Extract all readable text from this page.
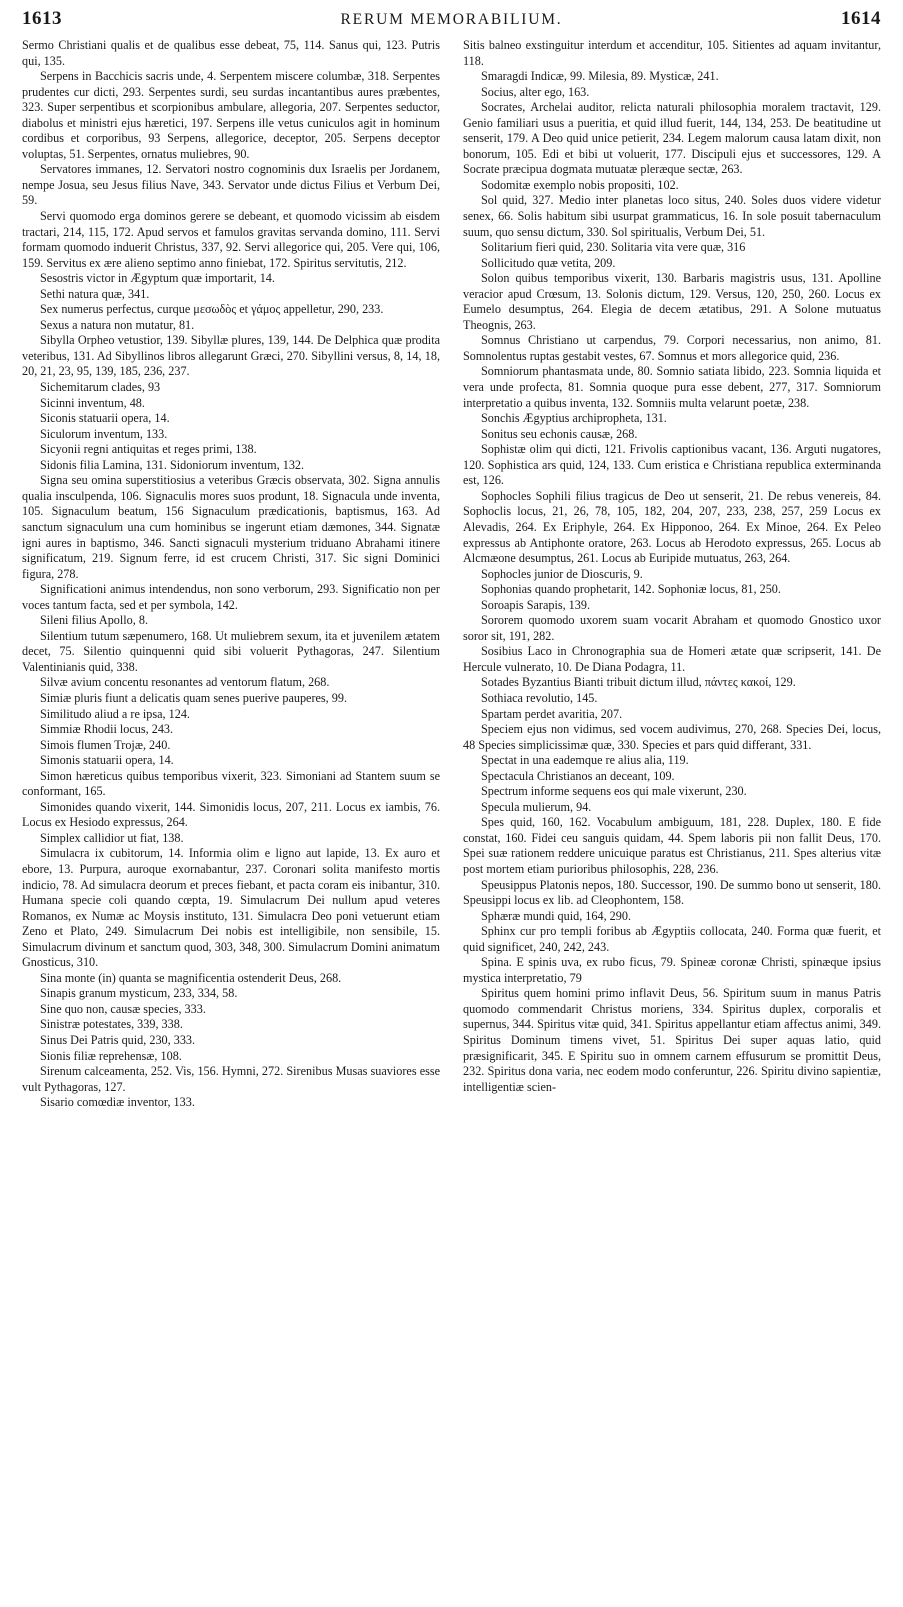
1613	RERUM MEMORABILIUM.	1614

Sermo Christiani qualis et de qualibus esse debeat, 75, 114. Sanus qui, 123. Putris qui, 135.

Serpens in Bacchicis sacris unde, 4. Serpentem miscere columbæ, 318. Serpentes prudentes cur dicti, 293. Serpentes surdi, seu surdas incantantibus aures præbentes, 323. Super serpentibus et scorpionibus ambulare, allegoria, 207. Serpentes seductor, diabolus et ministri ejus hæretici, 197. Serpens ille vetus cuniculos agit in hominum cordibus et corporibus, 93 Serpens, allegorice, deceptor, 205. Serpens deceptor voluptas, 51. Serpentes, ornatus muliebres, 90.

Servatores immanes, 12. Servatori nostro cognominis dux Israelis per Jordanem, nempe Josua, seu Jesus filius Nave, 343. Servator unde dictus Filius et Verbum Dei, 59.

Servi quomodo erga dominos gerere se debeant, et quomodo vicissim ab eisdem tractari, 214, 115, 172. Apud servos et famulos gravitas servanda domino, 111. Servi formam quomodo induerit Christus, 337, 92. Servi allegorice qui, 205. Vere qui, 106, 159. Servitus ex ære alieno septimo anno finiebat, 172. Spiritus servitutis, 212.

Sesostris victor in Ægyptum quæ importarit, 14.

Sethi natura quæ, 341.

Sex numerus perfectus, curque μεσωδὸς et γάμος appelletur, 290, 233.

Sexus a natura non mutatur, 81.

Sibylla Orpheo vetustior, 139. Sibyllæ plures, 139, 144. De Delphica quæ prodita veteribus, 131. Ad Sibyllinos libros allegarunt Græci, 270. Sibyllini versus, 8, 14, 18, 20, 21, 23, 95, 139, 185, 236, 237.

Sichemitarum clades, 93

Sicinni inventum, 48.

Siconis statuarii opera, 14.

Siculorum inventum, 133.

Sicyonii regni antiquitas et reges primi, 138.

Sidonis filia Lamina, 131. Sidoniorum inventum, 132.

Signa seu omina superstitiosius a veteribus Græcis observata, 302. Signa annulis qualia insculpenda, 106. Signaculis mores suos produnt, 18. Signacula unde inventa, 105. Signaculum beatum, 156 Signaculum prædicationis, baptismus, 163. Ad sanctum signaculum una cum hominibus se ingerunt etiam dæmones, 344. Signatæ igni aures in baptismo, 346. Sancti signaculi mysterium triduano Abrahami itinere significatum, 219. Signum ferre, id est crucem Christi, 317. Sic signi Dominici figura, 278.

Significationi animus intendendus, non sono verborum, 293. Significatio non per voces tantum facta, sed et per symbola, 142.

Sileni filius Apollo, 8.

Silentium tutum sæpenumero, 168. Ut muliebrem sexum, ita et juvenilem ætatem decet, 75. Silentio quinquenni quid sibi voluerit Pythagoras, 247. Silentium Valentinianis quid, 338.

Silvæ avium concentu resonantes ad ventorum flatum, 268.

Simiæ pluris fiunt a delicatis quam senes puerive pauperes, 99.

Similitudo aliud a re ipsa, 124.

Simmiæ Rhodii locus, 243.

Simois flumen Trojæ, 240.

Simonis statuarii opera, 14.

Simon hæreticus quibus temporibus vixerit, 323. Simoniani ad Stantem suum se conformant, 165.

Simonides quando vixerit, 144. Simonidis locus, 207, 211. Locus ex iambis, 76. Locus ex Hesiodo expressus, 264.

Simplex callidior ut fiat, 138.

Simulacra ix cubitorum, 14. Informia olim e ligno aut lapide, 13. Ex auro et ebore, 13. Purpura, auroque exornabantur, 237. Coronari solita manifesto mortis indicio, 78. Ad simulacra deorum et preces fiebant, et pacta coram eis inibantur, 310. Humana specie coli quando cœpta, 19. Simulacrum Dei nullum apud veteres Romanos, ex Numæ ac Moysis instituto, 131. Simulacra Deo poni vetuerunt etiam Zeno et Plato, 249. Simulacrum Dei nobis est intelligibile, non sensibile, 15. Simulacrum divinum et sanctum quod, 303, 348, 300. Simulacrum Domini animatum Gnosticus, 310.

Sina monte (in) quanta se magnificentia ostenderit Deus, 268.

Sinapis granum mysticum, 233, 334, 58.

Sine quo non, causæ species, 333.

Sinistræ potestates, 339, 338.

Sinus Dei Patris quid, 230, 333.

Sionis filiæ reprehensæ, 108.

Sirenum calceamenta, 252. Vis, 156. Hymni, 272. Sirenibus Musas suaviores esse vult Pythagoras, 127.

Sisario comœdiæ inventor, 133.

Sitis balneo exstinguitur interdum et accenditur, 105. Sitientes ad aquam invitantur, 118.

Smaragdi Indicæ, 99. Milesia, 89. Mysticæ, 241.

Socius, alter ego, 163.

Socrates, Archelai auditor, relicta naturali philosophia moralem tractavit, 129. Genio familiari usus a pueritia, et quid illud fuerit, 144, 134, 253. De beatitudine ut senserit, 179. A Deo quid unice petierit, 234. Legem malorum causa latam dixit, non bonorum, 105. Edi et bibi ut voluerit, 177. Discipuli ejus et successores, 129. A Socrate præcipua dogmata mutuatæ pleræque sectæ, 263.

Sodomitæ exemplo nobis propositi, 102.

Sol quid, 327. Medio inter planetas loco situs, 240. Soles duos videre videtur senex, 66. Solis habitum sibi usurpat grammaticus, 16. In sole posuit tabernaculum suum, quo sensu dictum, 330. Sol spiritualis, Verbum Dei, 51.

Solitarium fieri quid, 230. Solitaria vita vere quæ, 316

Sollicitudo quæ vetita, 209.

Solon quibus temporibus vixerit, 130. Barbaris magistris usus, 131. Apolline veracior apud Crœsum, 13. Solonis dictum, 129. Versus, 120, 250, 260. Locus ex Eumelo desumptus, 264. Elegia de decem ætatibus, 291. A Solone mutuatus Theognis, 263.

Somnus Christiano ut carpendus, 79. Corpori necessarius, non animo, 81. Somnolentus ruptas gestabit vestes, 67. Somnus et mors allegorice quid, 236.

Somniorum phantasmata unde, 80. Somnio satiata libido, 223. Somnia liquida et vera unde profecta, 81. Somnia quoque pura esse debent, 277, 317. Somniorum interpretatio a quibus inventa, 132. Somniis multa velarunt poetæ, 238.

Sonchis Ægyptius archipropheta, 131.

Sonitus seu echonis causæ, 268.

Sophistæ olim qui dicti, 121. Frivolis captionibus vacant, 136. Arguti nugatores, 120. Sophistica ars quid, 124, 133. Cum eristica e Christiana republica exterminanda est, 126.

Sophocles Sophili filius tragicus de Deo ut senserit, 21. De rebus venereis, 84. Sophoclis locus, 21, 26, 78, 105, 182, 204, 207, 233, 238, 257, 259 Locus ex Alevadis, 264. Ex Eriphyle, 264. Ex Hipponoo, 264. Ex Minoe, 264. Ex Peleo expressus ab Antiphonte oratore, 263. Locus ab Herodoto expressus, 265. Locus ab Alcmæone desumptus, 261. Locus ab Euripide mutuatus, 263, 264.

Sophocles junior de Dioscuris, 9.

Sophonias quando prophetarit, 142. Sophoniæ locus, 81, 250.

Soroapis Sarapis, 139.

Sororem quomodo uxorem suam vocarit Abraham et quomodo Gnostico uxor soror sit, 191, 282.

Sosibius Laco in Chronographia sua de Homeri ætate quæ scripserit, 141. De Hercule vulnerato, 10. De Diana Podagra, 11.

Sotades Byzantius Bianti tribuit dictum illud, πάντες κακοί, 129.

Sothiaca revolutio, 145.

Spartam perdet avaritia, 207.

Speciem ejus non vidimus, sed vocem audivimus, 270, 268. Species Dei, locus, 48 Species simplicissimæ quæ, 330. Species et pars quid differant, 331.

Spectat in una eademque re alius alia, 119.

Spectacula Christianos an deceant, 109.

Spectrum informe sequens eos qui male vixerunt, 230.

Specula mulierum, 94.

Spes quid, 160, 162. Vocabulum ambiguum, 181, 228. Duplex, 180. E fide constat, 160. Fidei ceu sanguis quidam, 44. Spem laboris pii non fallit Deus, 170. Spei suæ rationem reddere unicuique paratus est Christianus, 211. Spes alterius vitæ post mortem etiam purioribus philosophis, 228, 236.

Speusippus Platonis nepos, 180. Successor, 190. De summo bono ut senserit, 180. Speusippi locus ex lib. ad Cleophontem, 158.

Sphæræ mundi quid, 164, 290.

Sphinx cur pro templi foribus ab Ægyptiis collocata, 240. Forma quæ fuerit, et quid significet, 240, 242, 243.

Spina. E spinis uva, ex rubo ficus, 79. Spineæ coronæ Christi, spinæque ipsius mystica interpretatio, 79

Spiritus quem homini primo inflavit Deus, 56. Spiritum suum in manus Patris quomodo commendarit Christus moriens, 334. Spiritus duplex, corporalis et supernus, 344. Spiritus vitæ quid, 341. Spiritus appellantur etiam affectus animi, 349. Spiritus Dominum timens vivet, 51. Spiritus Dei super aquas latio, quid præsignificarit, 345. E Spiritu suo in omnem carnem effusurum se promittit Deus, 232. Spiritus dona varia, nec eodem modo conferuntur, 226. Spiritu divino sapientiæ, intelligentiæ scien-
